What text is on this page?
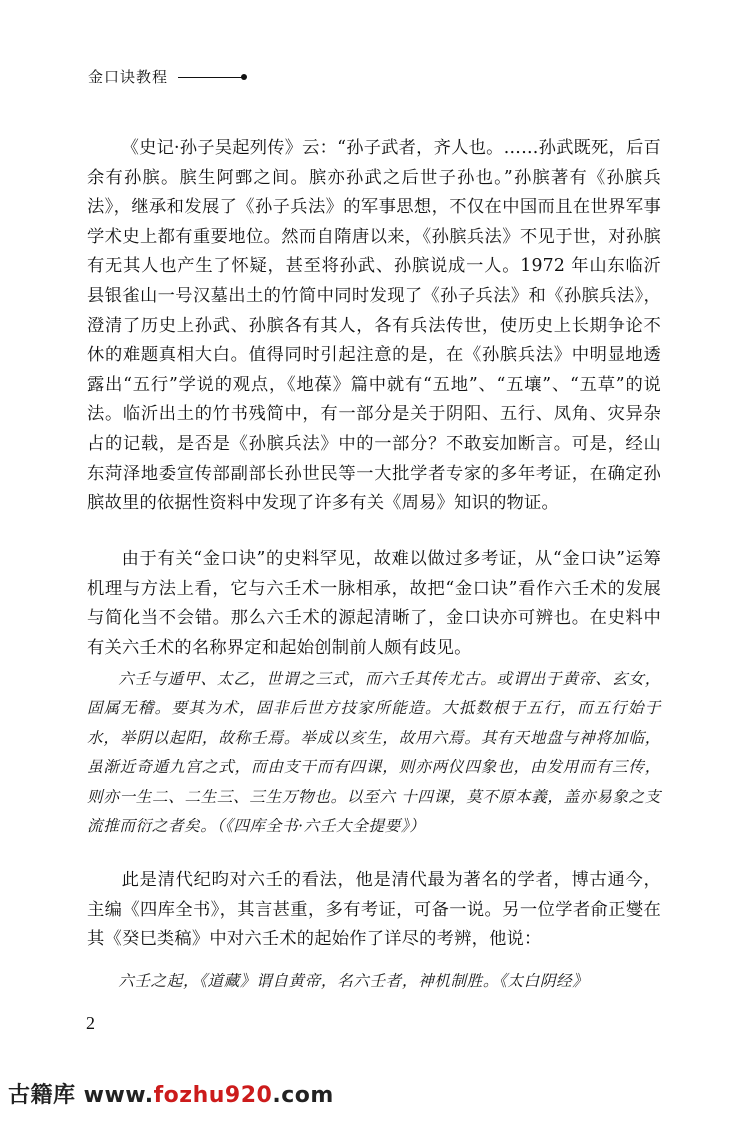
金口诀教程

《史记·孙子吴起列传》云：“孙子武者，齐人也。……孙武既死，后百余有孙膑。膑生阿鄄之间。膑亦孙武之后世子孙也。”孙膑著有《孙膑兵法》，继承和发展了《孙子兵法》的军事思想，不仅在中国而且在世界军事学术史上都有重要地位。然而自隋唐以来，《孙膑兵法》不见于世，对孙膑有无其人也产生了怀疑，甚至将孙武、孙膑说成一人。1972 年山东临沂县银雀山一号汉墓出土的竹简中同时发现了《孙子兵法》和《孙膑兵法》，澄清了历史上孙武、孙膑各有其人，各有兵法传世，使历史上长期争论不休的难题真相大白。值得同时引起注意的是，在《孙膑兵法》中明显地透露出“五行”学说的观点，《地葆》篇中就有“五地”、“五壤”、“五草”的说法。临沂出土的竹书残简中，有一部分是关于阴阳、五行、凤角、灾异杂占的记载，是否是《孙膑兵法》中的一部分？不敢妄加断言。可是，经山东菏泽地委宣传部副部长孙世民等一大批学者专家的多年考证，在确定孙膑故里的依据性资料中发现了许多有关《周易》知识的物证。

由于有关“金口诀”的史料罕见，故难以做过多考证，从“金口诀”运筹机理与方法上看，它与六壬术一脉相承，故把“金口诀”看作六壬术的发展与简化当不会错。那么六壬术的源起清晰了，金口诀亦可辨也。在史料中有关六壬术的名称界定和起始创制前人颇有歧见。

六壬与遁甲、太乙，世谓之三式，而六壬其传尤古。或谓出于黄帝、玄女，固属无稽。要其为术，固非后世方技家所能造。大抵数根于五行，而五行始于水，举阴以起阳，故称壬焉。举成以亥生，故用六焉。其有天地盘与神将加临，虽渐近奇遁九宫之式，而由支干而有四课，则亦两仪四象也，由发用而有三传，则亦一生二、二生三、三生万物也。以至六 十四课，莫不原本義，盖亦易象之支流推而衍之者矣。（《四库全书·六壬大全提要》）

此是清代纪昀对六壬的看法，他是清代最为著名的学者，博古通今，主编《四库全书》，其言甚重，多有考证，可备一说。另一位学者俞正燮在其《癸巳类稿》中对六壬术的起始作了详尽的考辨，他说：

六壬之起，《道藏》谓自黄帝，名六壬者，神机制胜。《太白阴经》

2
古籍库 www.fozhu920.com
